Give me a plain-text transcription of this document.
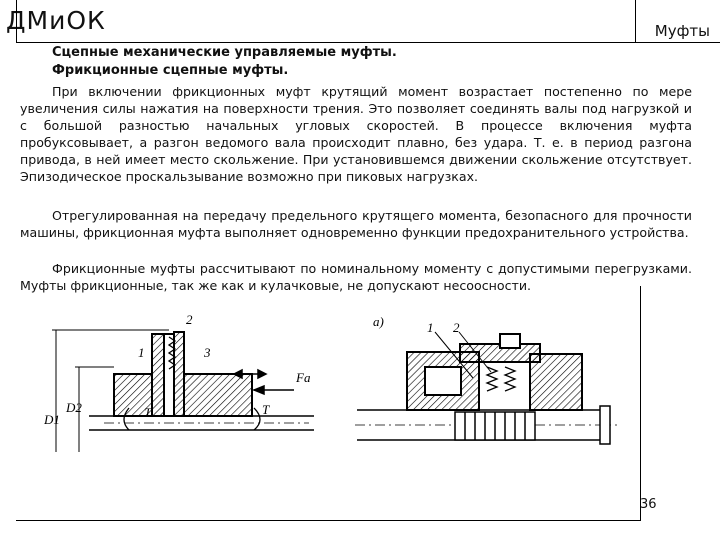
ДМиОК	Муфты
Сцепные механические управляемые муфты.
Фрикционные сцепные муфты.

При включении фрикционных муфт крутящий момент возрастает постепенно по мере увеличения силы нажатия на поверхности трения. Это позволяет соединять валы под нагрузкой и с большой разностью начальных угловых скоростей. В процессе включения муфта пробуксовывает, а разгон ведомого вала происходит плавно, без удара. Т. е. в период разгона привода, в ней имеет место скольжение. При установившемся движении скольжение отсутствует. Эпизодическое проскальзывание возможно при пиковых нагрузках.

Отрегулированная на передачу предельного крутящего момента, безопасного для прочности машины, фрикционная муфта выполняет одновременно функции предохранительного устройства.

Фрикционные муфты рассчитывают по номинальному моменту с допустимыми перегрузками. Муфты фрикционные, так же как и кулачковые, не допускают несоосности.

1
2
3
Fa
T	T
D1
D2
a)	1 2
36
